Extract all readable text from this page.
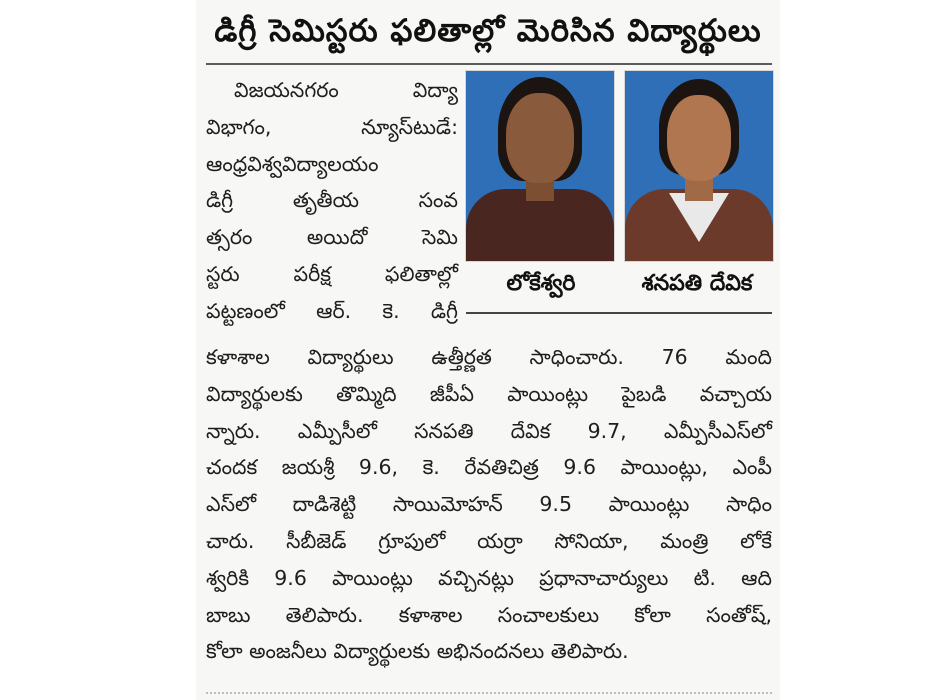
డిగ్రీ సెమిస్టరు ఫలితాల్లో మెరిసిన విద్యార్థులు
విజయనగరం విద్యా
విభాగం, న్యూస్‌టుడే:
ఆంధ్రవిశ్వవిద్యాలయం
డిగ్రీ తృతీయ సంవ
త్సరం అయిదో సెమి
స్టరు పరీక్ష ఫలితాల్లో
పట్టణంలో ఆర్. కె. డిగ్రీ
లోకేశ్వరి	శనపతి దేవిక
కళాశాల విద్యార్థులు ఉత్తీర్ణత సాధించారు. 76 మంది
విద్యార్థులకు తొమ్మిది జీపీఏ పాయింట్లు పైబడి వచ్చాయ
న్నారు. ఎమ్పీసీలో సనపతి దేవిక 9.7, ఎమ్పీసీఎస్‌లో
చందక జయశ్రీ 9.6, కె. రేవతిచిత్ర 9.6 పాయింట్లు, ఎంపీ
ఎస్‌లో దాడిశెట్టి సాయిమోహన్ 9.5 పాయింట్లు సాధిం
చారు. సీబీజెడ్ గ్రూపులో యర్రా సోనియా, మంత్రి లోకే
శ్వరికి 9.6 పాయింట్లు వచ్చినట్లు ప్రధానాచార్యులు టి. ఆది
బాబు తెలిపారు. కళాశాల సంచాలకులు కోలా సంతోష్,
కోలా అంజనీలు విద్యార్థులకు అభినందనలు తెలిపారు.
